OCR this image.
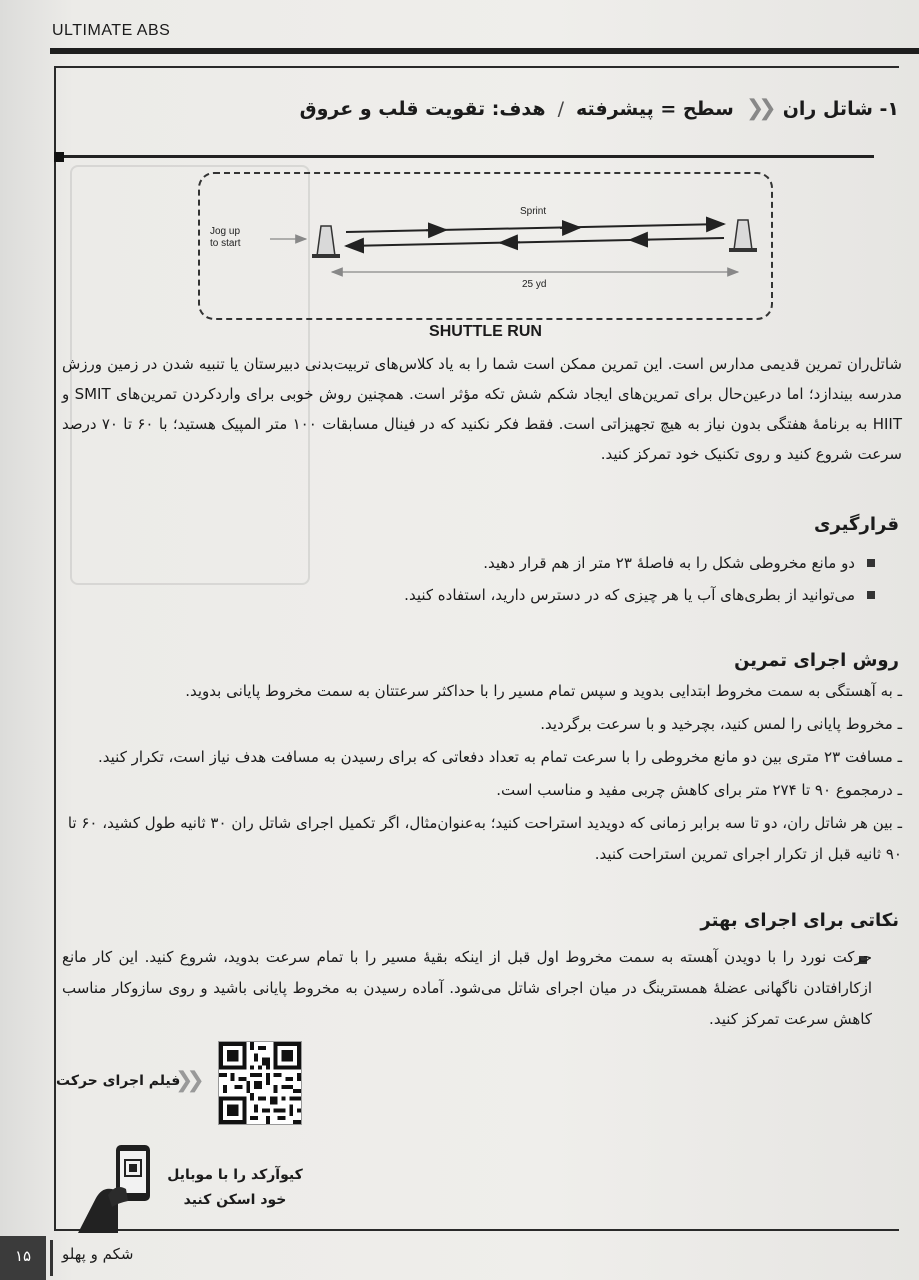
ULTIMATE ABS
۱- شاتل ران
❮❮
سطح = پیشرفته
/
هدف: تقویت قلب و عروق
Jog up
to start
Sprint
25 yd
SHUTTLE RUN

شاتل‌ران تمرین قدیمی مدارس است. این تمرین ممکن است شما را به یاد کلاس‌های تربیت‌بدنی دبیرستان یا تنبیه شدن در زمین ورزش مدرسه بیندازد؛ اما درعین‌حال برای تمرین‌های ایجاد شکم شش تکه مؤثر است. همچنین روش خوبی برای واردکردن تمرین‌های SMIT و HIIT به برنامهٔ هفتگی بدون نیاز به هیچ تجهیزاتی است. فقط فکر نکنید که در فینال مسابقات ۱۰۰ متر المپیک هستید؛ با ۶۰ تا ۷۰ درصد سرعت شروع کنید و روی تکنیک خود تمرکز کنید.

قرارگیری
دو مانع مخروطی شکل را به فاصلهٔ ۲۳ متر از هم قرار دهید.
می‌توانید از بطری‌های آب یا هر چیزی که در دسترس دارید، استفاده کنید.
روش اجرای تمرین
ـ به آهستگی به سمت مخروط ابتدایی بدوید و سپس تمام مسیر را با حداکثر سرعتتان به سمت مخروط پایانی بدوید.
ـ مخروط پایانی را لمس کنید، بچرخید و با سرعت برگردید.
ـ مسافت ۲۳ متری بین دو مانع مخروطی را با سرعت تمام به تعداد دفعاتی که برای رسیدن به مسافت هدف نیاز است، تکرار کنید.
ـ درمجموع ۹۰ تا ۲۷۴ متر برای کاهش چربی مفید و مناسب است.
ـ بین هر شاتل ران، دو تا سه برابر زمانی که دویدید استراحت کنید؛ به‌عنوان‌مثال، اگر تکمیل اجرای شاتل ران ۳۰ ثانیه طول کشید، ۶۰ تا ۹۰ ثانیه قبل از تکرار اجرای تمرین استراحت کنید.
نکاتی برای اجرای بهتر

حرکت نورد را با دویدن آهسته به سمت مخروط اول قبل از اینکه بقیهٔ مسیر را با تمام سرعت بدوید، شروع کنید. این کار مانع ازکارافتادن ناگهانی عضلهٔ همسترینگ در میان اجرای شاتل می‌شود. آماده رسیدن به مخروط پایانی باشید و روی سازوکار مناسب کاهش سرعت تمرکز کنید.

❯❯
فیلم اجرای حرکت
کیوآرکد را با موبایل
خود اسکن کنید
۱۵	شکم و پهلو
